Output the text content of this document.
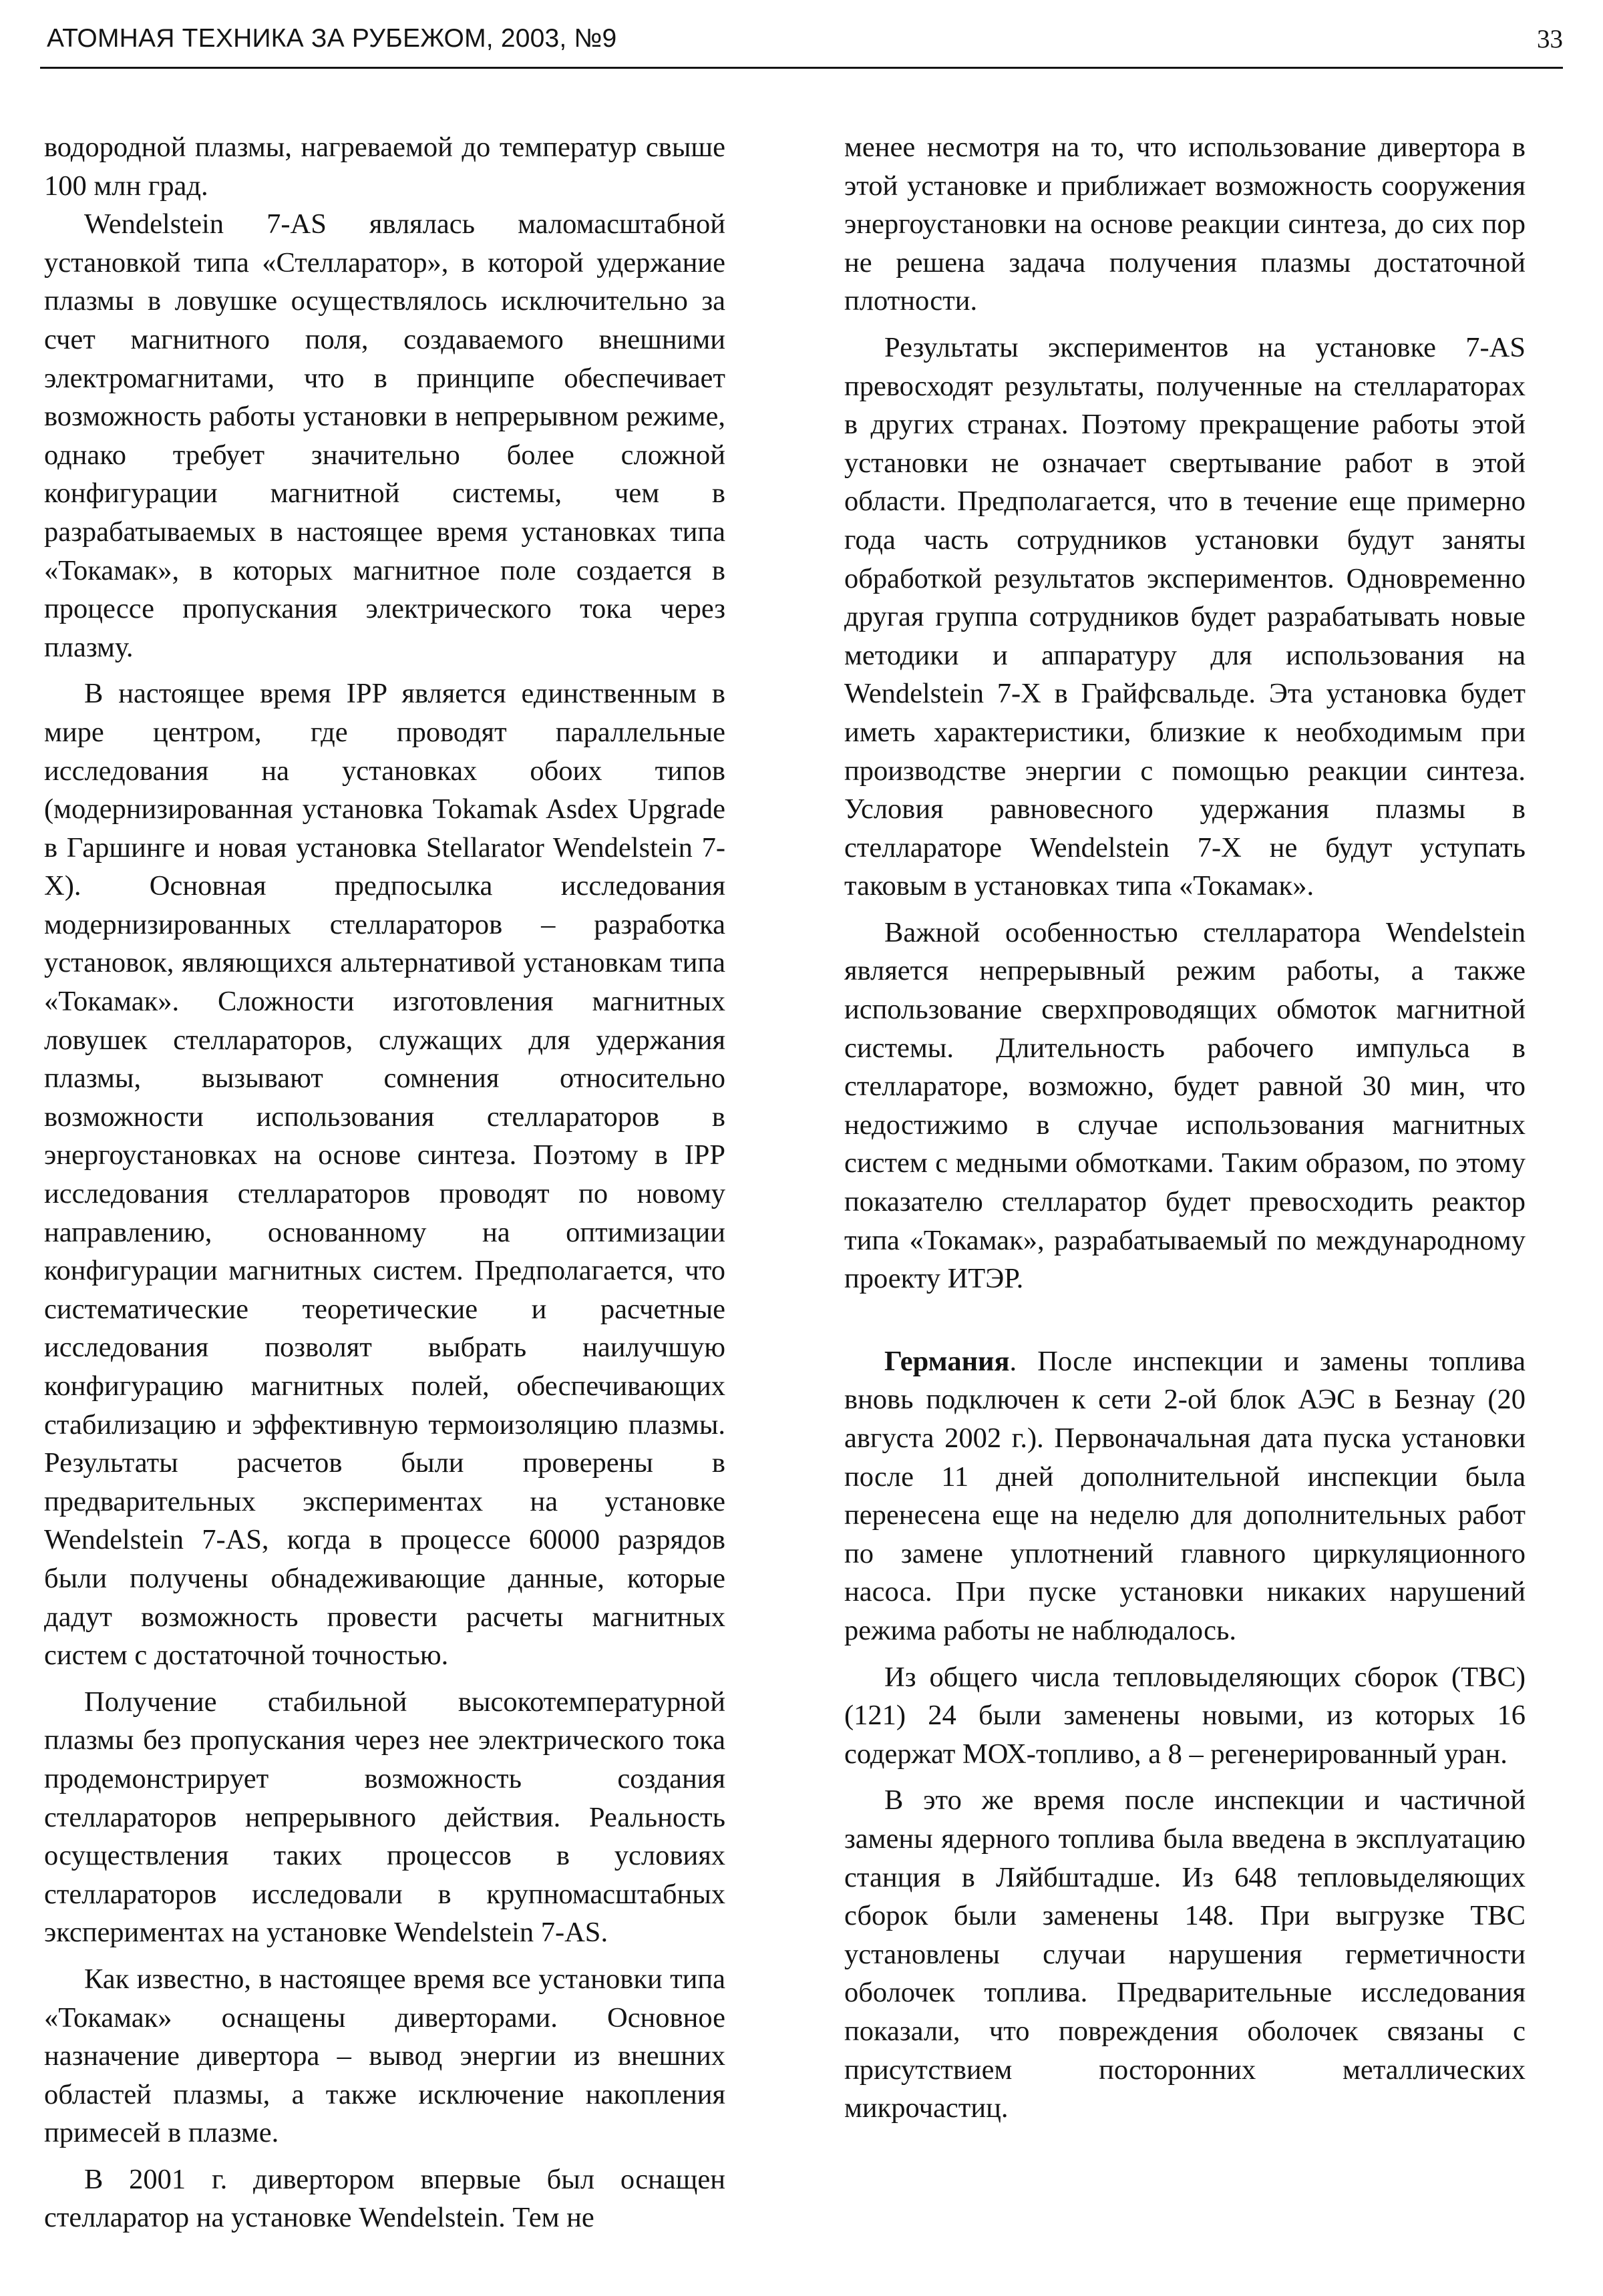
АТОМНАЯ ТЕХНИКА ЗА РУБЕЖОМ, 2003, №9	33

водородной плазмы, нагреваемой до температур свыше 100 млн град.

Wendelstein 7-AS являлась маломасштабной установкой типа «Стелларатор», в которой удержание плазмы в ловушке осуществлялось исключительно за счет магнитного поля, создаваемого внешними электромагнитами, что в принципе обеспечивает возможность работы установки в непрерывном режиме, однако требует значительно более сложной конфигурации магнитной системы, чем в разрабатываемых в настоящее время установках типа «Токамак», в которых магнитное поле создается в процессе пропускания электрического тока через плазму.

В настоящее время IPP является единственным в мире центром, где проводят параллельные исследования на установках обоих типов (модернизированная установка Tokamak Asdex Upgrade в Гаршинге и новая установка Stellarator Wendelstein 7-X). Основная предпосылка исследования модернизированных стеллараторов – разработка установок, являющихся альтернативой установкам типа «Токамак». Сложности изготовления магнитных ловушек стеллараторов, служащих для удержания плазмы, вызывают сомнения относительно возможности использования стеллараторов в энергоустановках на основе синтеза. Поэтому в IPP исследования стеллараторов проводят по новому направлению, основанному на оптимизации конфигурации магнитных систем. Предполагается, что систематические теоретические и расчетные исследования позволят выбрать наилучшую конфигурацию магнитных полей, обеспечивающих стабилизацию и эффективную термоизоляцию плазмы. Результаты расчетов были проверены в предварительных экспериментах на установке Wendelstein 7-AS, когда в процессе 60000 разрядов были получены обнадеживающие данные, которые дадут возможность провести расчеты магнитных систем с достаточной точностью.

Получение стабильной высокотемпературной плазмы без пропускания через нее электрического тока продемонстрирует возможность создания стеллараторов непрерывного действия. Реальность осуществления таких процессов в условиях стеллараторов исследовали в крупномасштабных экспериментах на установке Wendelstein 7-AS.

Как известно, в настоящее время все установки типа «Токамак» оснащены диверторами. Основное назначение дивертора – вывод энергии из внешних областей плазмы, а также исключение накопления примесей в плазме.

В 2001 г. дивертором впервые был оснащен стелларатор на установке Wendelstein. Тем не

менее несмотря на то, что использование дивертора в этой установке и приближает возможность сооружения энергоустановки на основе реакции синтеза, до сих пор не решена задача получения плазмы достаточной плотности.

Результаты экспериментов на установке 7-AS превосходят результаты, полученные на стеллараторах в других странах. Поэтому прекращение работы этой установки не означает свертывание работ в этой области. Предполагается, что в течение еще примерно года часть сотрудников установки будут заняты обработкой результатов экспериментов. Одновременно другая группа сотрудников будет разрабатывать новые методики и аппаратуру для использования на Wendelstein 7-X в Грайфсвальде. Эта установка будет иметь характеристики, близкие к необходимым при производстве энергии с помощью реакции синтеза. Условия равновесного удержания плазмы в стеллараторе Wendelstein 7-X не будут уступать таковым в установках типа «Токамак».

Важной особенностью стелларатора Wendelstein является непрерывный режим работы, а также использование сверхпроводящих обмоток магнитной системы. Длительность рабочего импульса в стеллараторе, возможно, будет равной 30 мин, что недостижимо в случае использования магнитных систем с медными обмотками. Таким образом, по этому показателю стелларатор будет превосходить реактор типа «Токамак», разрабатываемый по международному проекту ИТЭР.

Германия. После инспекции и замены топлива вновь подключен к сети 2-ой блок АЭС в Безнау (20 августа 2002 г.). Первоначальная дата пуска установки после 11 дней дополнительной инспекции была перенесена еще на неделю для дополнительных работ по замене уплотнений главного циркуляционного насоса. При пуске установки никаких нарушений режима работы не наблюдалось.

Из общего числа тепловыделяющих сборок (ТВС) (121) 24 были заменены новыми, из которых 16 содержат МОХ-топливо, а 8 – регенерированный уран.

В это же время после инспекции и частичной замены ядерного топлива была введена в эксплуатацию станция в Ляйбштадше. Из 648 тепловыделяющих сборок были заменены 148. При выгрузке ТВС установлены случаи нарушения герметичности оболочек топлива. Предварительные исследования показали, что повреждения оболочек связаны с присутствием посторонних металлических микрочастиц.
